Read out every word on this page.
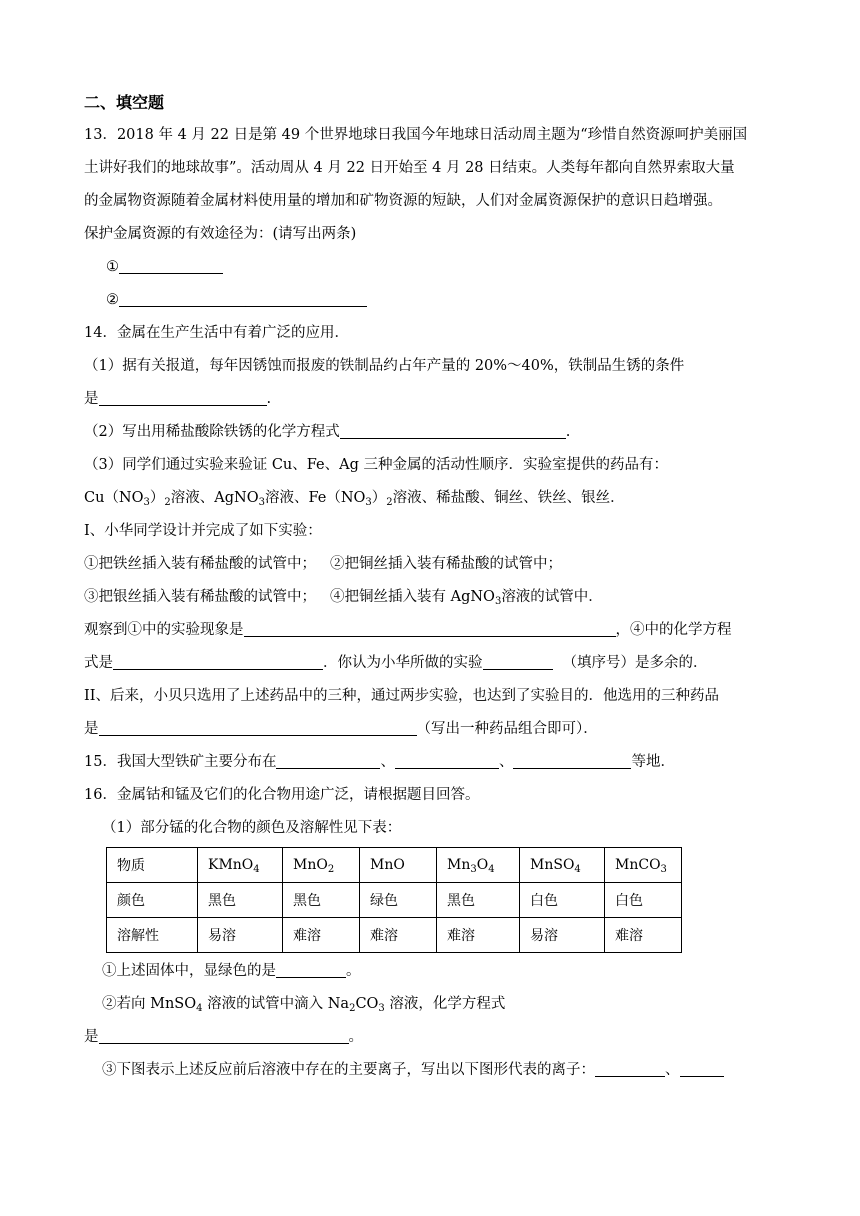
二、填空题
13．2018 年 4 月 22 日是第 49 个世界地球日我国今年地球日活动周主题为“珍惜自然资源呵护美丽国
土讲好我们的地球故事”。活动周从 4 月 22 日开始至 4 月 28 日结束。人类每年都向自然界索取大量
的金属物资源随着金属材料使用量的增加和矿物资源的短缺，人们对金属资源保护的意识日趋增强。
保护金属资源的有效途径为：(请写出两条)
①
②
14．金属在生产生活中有着广泛的应用．
（1）据有关报道，每年因锈蚀而报废的铁制品约占年产量的 20%～40%，铁制品生锈的条件
是	.
（2）写出用稀盐酸除铁锈的化学方程式	.
（3）同学们通过实验来验证 Cu、Fe、Ag 三种金属的活动性顺序．实验室提供的药品有：
$Cu(NO_3)_2$溶液、AgNO$_3$溶液、$Fe(NO_3)_2$溶液、稀盐酸、铜丝、铁丝、银丝．
I、小华同学设计并完成了如下实验：
①把铁丝插入装有稀盐酸的试管中； ②把铜丝插入装有稀盐酸的试管中；
③把银丝插入装有稀盐酸的试管中； ④把铜丝插入装有 AgNO$_3$溶液的试管中．
观察到①中的实验现象是	，④中的化学方程
式是	．你认为小华所做的实验	（填序号）是多余的．
II、后来，小贝只选用了上述药品中的三种，通过两步实验，也达到了实验目的．他选用的三种药品
是	（写出一种药品组合即可）．
15．我国大型铁矿主要分布在	、	、	等地．
16．金属钴和锰及它们的化合物用途广泛，请根据题目回答。
（1）部分锰的化合物的颜色及溶解性见下表：
物质	KMnO$_4$	MnO$_2$	MnO	$Mn_3O_4$	MnSO$_4$	MnCO$_3$
颜色	黑色	黑色	绿色	黑色	白色	白色
溶解性	易溶	难溶	难溶	难溶	易溶	难溶
①上述固体中，显绿色的是	。
②若向 MnSO$_4$ 溶液的试管中滴入 $Na_2CO_3$ 溶液，化学方程式
是	。
③下图表示上述反应前后溶液中存在的主要离子，写出以下图形代表的离子：	、
